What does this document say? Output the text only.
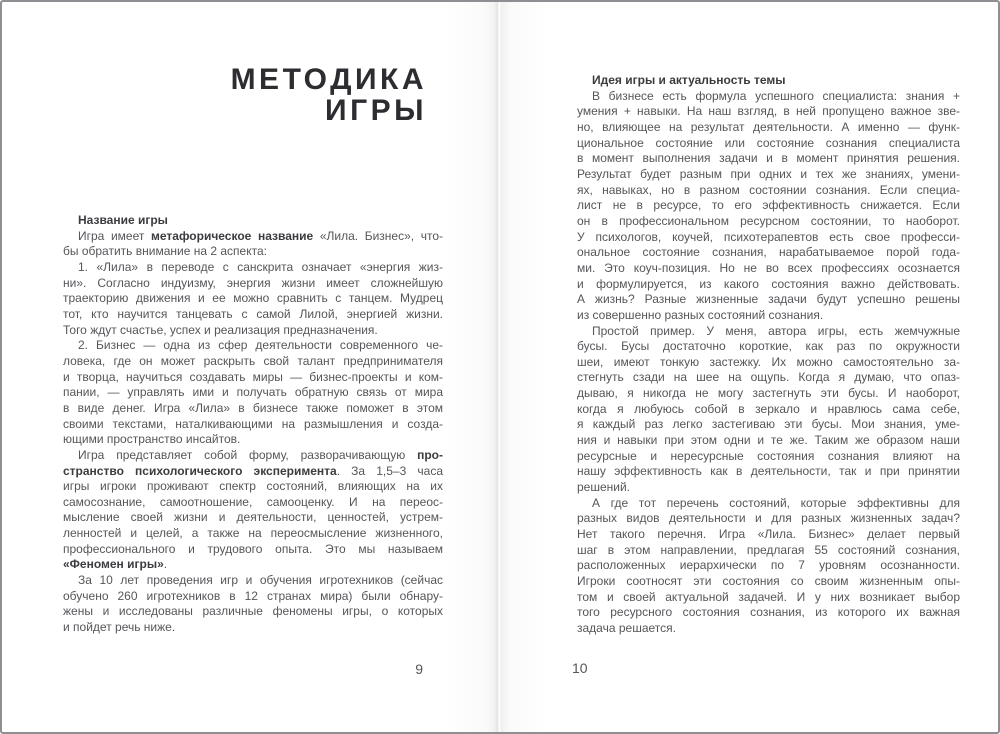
МЕТОДИКА
ИГРЫ
Название игры
Игра имеет метафорическое название «Лила. Бизнес», что-
бы обратить внимание на 2 аспекта:
1. «Лила» в переводе с санскрита означает «энергия жиз-
ни». Согласно индуизму, энергия жизни имеет сложнейшую
траекторию движения и ее можно сравнить с танцем. Мудрец
тот, кто научится танцевать с самой Лилой, энергией жизни.
Того ждут счастье, успех и реализация предназначения.
2. Бизнес — одна из сфер деятельности современного че-
ловека, где он может раскрыть свой талант предпринимателя
и творца, научиться создавать миры — бизнес-проекты и ком-
пании, — управлять ими и получать обратную связь от мира
в виде денег. Игра «Лила» в бизнесе также поможет в этом
своими текстами, наталкивающими на размышления и созда-
ющими пространство инсайтов.
Игра представляет собой форму, разворачивающую про-
странство психологического эксперимента. За 1,5–3 часа
игры игроки проживают спектр состояний, влияющих на их
самосознание, самоотношение, самооценку. И на переос-
мысление своей жизни и деятельности, ценностей, устрем-
ленностей и целей, а также на переосмысление жизненного,
профессионального и трудового опыта. Это мы называем
«Феномен игры».
За 10 лет проведения игр и обучения игротехников (сейчас
обучено 260 игротехников в 12 странах мира) были обнару-
жены и исследованы различные феномены игры, о которых
и пойдет речь ниже.
9
Идея игры и актуальность темы
В бизнесе есть формула успешного специалиста: знания +
умения + навыки. На наш взгляд, в ней пропущено важное зве-
но, влияющее на результат деятельности. А именно — функ-
циональное состояние или состояние сознания специалиста
в момент выполнения задачи и в момент принятия решения.
Результат будет разным при одних и тех же знаниях, умени-
ях, навыках, но в разном состоянии сознания. Если специа-
лист не в ресурсе, то его эффективность снижается. Если
он в профессиональном ресурсном состоянии, то наоборот.
У психологов, коучей, психотерапевтов есть свое професси-
ональное состояние сознания, нарабатываемое порой года-
ми. Это коуч-позиция. Но не во всех профессиях осознается
и формулируется, из какого состояния важно действовать.
А жизнь? Разные жизненные задачи будут успешно решены
из совершенно разных состояний сознания.
Простой пример. У меня, автора игры, есть жемчужные
бусы. Бусы достаточно короткие, как раз по окружности
шеи, имеют тонкую застежку. Их можно самостоятельно за-
стегнуть сзади на шее на ощупь. Когда я думаю, что опаз-
дываю, я никогда не могу застегнуть эти бусы. И наоборот,
когда я любуюсь собой в зеркало и нравлюсь сама себе,
я каждый раз легко застегиваю эти бусы. Мои знания, уме-
ния и навыки при этом одни и те же. Таким же образом наши
ресурсные и нересурсные состояния сознания влияют на
нашу эффективность как в деятельности, так и при принятии
решений.
А где тот перечень состояний, которые эффективны для
разных видов деятельности и для разных жизненных задач?
Нет такого перечня. Игра «Лила. Бизнес» делает первый
шаг в этом направлении, предлагая 55 состояний сознания,
расположенных иерархически по 7 уровням осознанности.
Игроки соотносят эти состояния со своим жизненным опы-
том и своей актуальной задачей. И у них возникает выбор
того ресурсного состояния сознания, из которого их важная
задача решается.
10
